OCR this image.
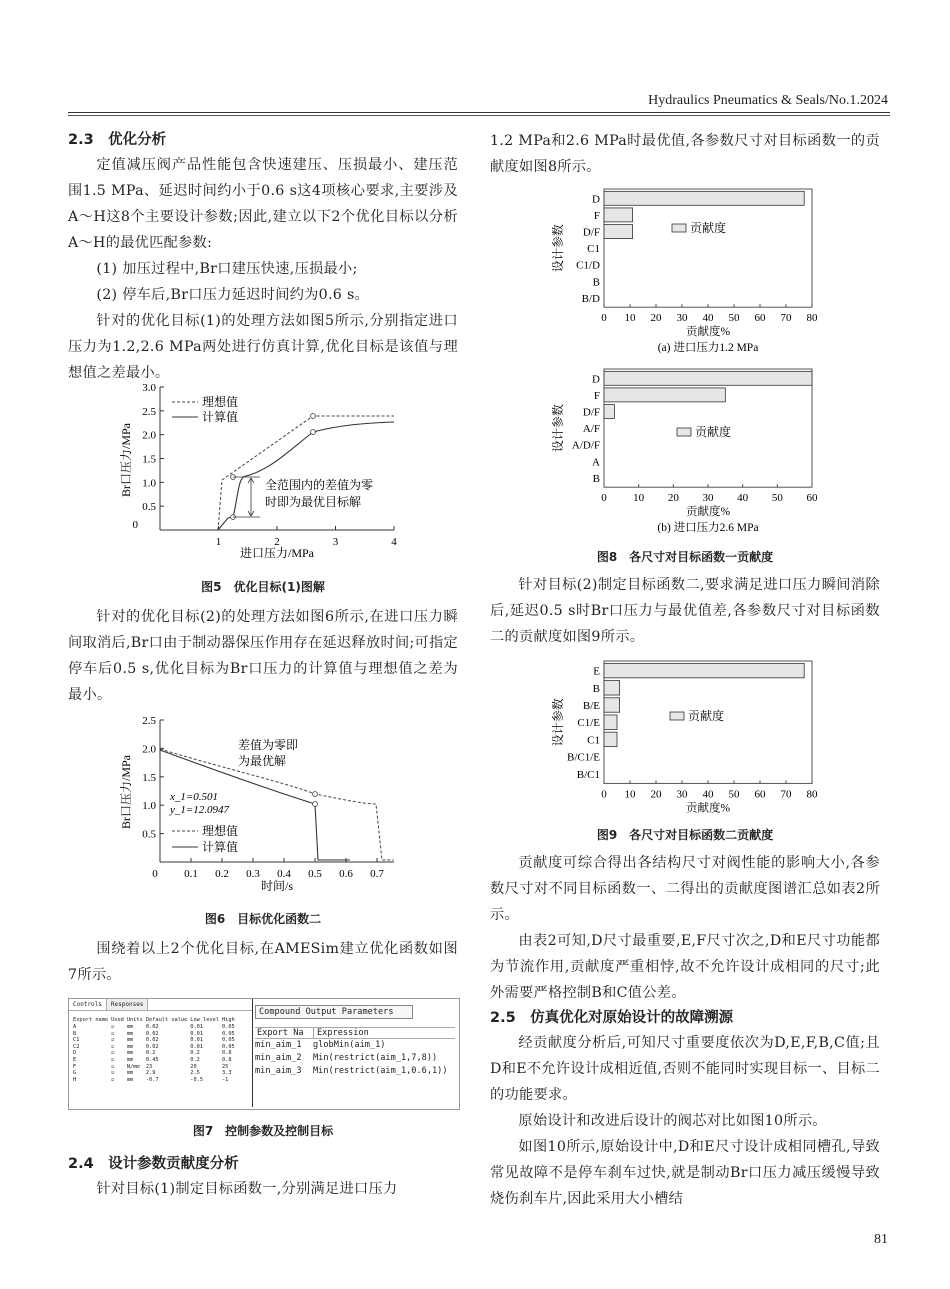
Hydraulics Pneumatics & Seals/No.1.2024

2.3　优化分析

定值减压阀产品性能包含快速建压、压损最小、建压范围1.5 MPa、延迟时间约小于0.6 s这4项核心要求,主要涉及A～H这8个主要设计参数;因此,建立以下2个优化目标以分析A～H的最优匹配参数:

(1) 加压过程中,Br口建压快速,压损最小;

(2) 停车后,Br口压力延迟时间约为0.6 s。

针对的优化目标(1)的处理方法如图5所示,分别指定进口压力为1.2,2.6 MPa两处进行仿真计算,优化目标是该值与理想值之差最小。

1	2	3	4
0.5
1.0
1.5
2.0
2.5
3.0
0
理想值
计算值
全范围内的差值为零
时即为最优目标解
Br口压力/MPa
进口压力/MPa
图5　优化目标(1)图解

针对的优化目标(2)的处理方法如图6所示,在进口压力瞬间取消后,Br口由于制动器保压作用存在延迟释放时间;可指定停车后0.5 s,优化目标为Br口压力的计算值与理想值之差为最小。

0.1 0.2 0.3 0.4 0.5 0.6 0.7
0.5
1.0
1.5
2.0
2.5
0
差值为零即
为最优解
x_1=0.501
y_1=12.0947
理想值
计算值
Br口压力/MPa
时间/s
图6　目标优化函数二

围绕着以上2个优化目标,在AMESim建立优化函数如图7所示。

Controls	Responses
Export name	Used	Units	Default value	Low level	High
A	☑	mm	0.02	0.01	0.05
B	☑	mm	0.02	0.01	0.05
C1	☑	mm	0.02	0.01	0.05
C2	☑	mm	0.02	0.01	0.05
D	☑	mm	0.2	0.2	0.8
E	☑	mm	0.45	0.2	0.8
F	☑	N/mm	23	20	25
G	☑	mm	2.9	2.5	3.3
H	☑	mm	-0.7	-0.5	-1
Compound Output Parameters
Export Na	Expression
min_aim_1	globMin(aim_1)
min_aim_2	Min(restrict(aim_1,7,8))
min_aim_3	Min(restrict(aim_1,0.6,1))
图7　控制参数及控制目标

2.4　设计参数贡献度分析

针对目标(1)制定目标函数一,分别满足进口压力

1.2 MPa和2.6 MPa时最优值,各参数尺寸对目标函数一的贡献度如图8所示。

D
F
D/F
C1
C1/D
B
B/D
0 10 20 30 40 50 60 70 80
贡献度%
(a) 进口压力1.2 MPa
设计参数	贡献度
D
F
D/F
A/F
A/D/F
A
B
0 10 20 30 40 50 60
贡献度%
(b) 进口压力2.6 MPa
设计参数	贡献度
图8　各尺寸对目标函数一贡献度

针对目标(2)制定目标函数二,要求满足进口压力瞬间消除后,延迟0.5 s时Br口压力与最优值差,各参数尺寸对目标函数二的贡献度如图9所示。

E
B
B/E
C1/E
C1
B/C1/E
B/C1
0 10 20 30 40 50 60 70 80
贡献度%
设计参数	贡献度
图9　各尺寸对目标函数二贡献度

贡献度可综合得出各结构尺寸对阀性能的影响大小,各参数尺寸对不同目标函数一、二得出的贡献度图谱汇总如表2所示。

由表2可知,D尺寸最重要,E,F尺寸次之,D和E尺寸功能都为节流作用,贡献度严重相悖,故不允许设计成相同的尺寸;此外需要严格控制B和C值公差。

2.5　仿真优化对原始设计的故障溯源

经贡献度分析后,可知尺寸重要度依次为D,E,F,B,C值;且D和E不允许设计成相近值,否则不能同时实现目标一、目标二的功能要求。

原始设计和改进后设计的阀芯对比如图10所示。

如图10所示,原始设计中,D和E尺寸设计成相同槽孔,导致常见故障不是停车刹车过快,就是制动Br口压力减压缓慢导致烧伤刹车片,因此采用大小槽结

81
